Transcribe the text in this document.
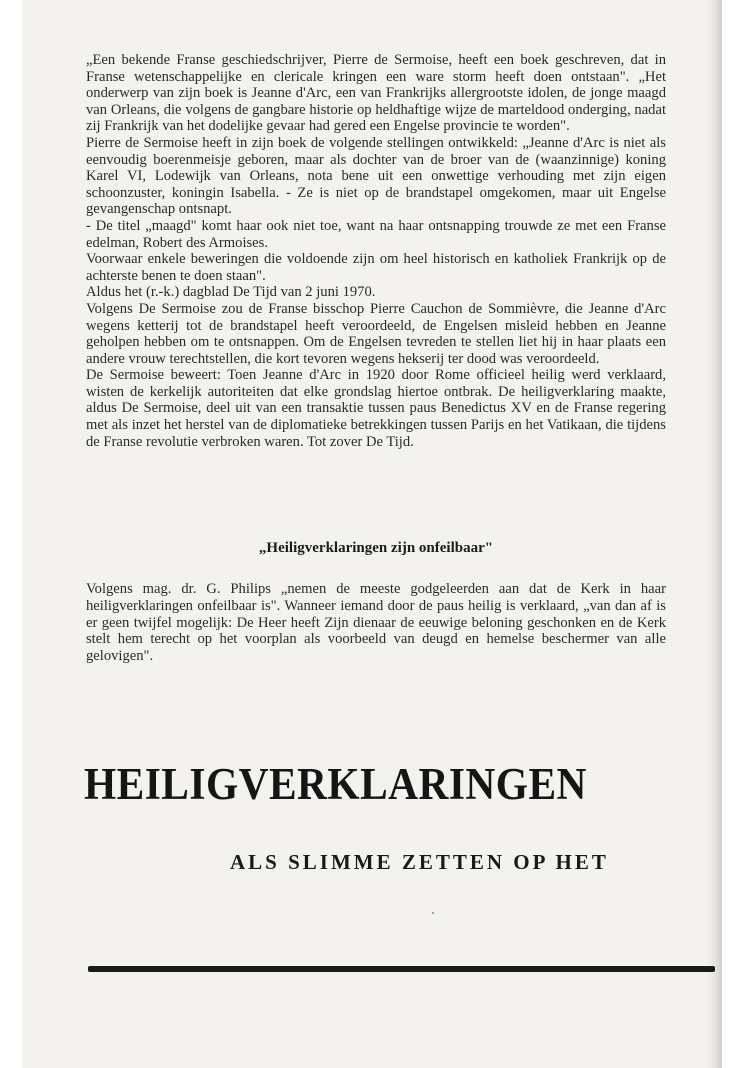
„Een bekende Franse geschiedschrijver, Pierre de Sermoise, heeft een boek geschreven, dat in Franse wetenschappelijke en clericale kringen een ware storm heeft doen ontstaan". „Het onderwerp van zijn boek is Jeanne d'Arc, een van Frankrijks allergrootste idolen, de jonge maagd van Orleans, die volgens de gangbare historie op heldhaftige wijze de marteldood onderging, nadat zij Frankrijk van het dodelijke gevaar had gered een Engelse provincie te worden".

Pierre de Sermoise heeft in zijn boek de volgende stellingen ontwikkeld: „Jeanne d'Arc is niet als eenvoudig boerenmeisje geboren, maar als dochter van de broer van de (waanzinnige) koning Karel VI, Lodewijk van Orleans, nota bene uit een onwettige verhouding met zijn eigen schoonzuster, koningin Isabella. - Ze is niet op de brandstapel omgekomen, maar uit Engelse gevangenschap ontsnapt.

- De titel „maagd" komt haar ook niet toe, want na haar ontsnapping trouwde ze met een Franse edelman, Robert des Armoises.

Voorwaar enkele beweringen die voldoende zijn om heel historisch en katholiek Frankrijk op de achterste benen te doen staan".

Aldus het (r.-k.) dagblad De Tijd van 2 juni 1970.

Volgens De Sermoise zou de Franse bisschop Pierre Cauchon de Sommièvre, die Jeanne d'Arc wegens ketterij tot de brandstapel heeft veroordeeld, de Engelsen misleid hebben en Jeanne geholpen hebben om te ontsnappen. Om de Engelsen tevreden te stellen liet hij in haar plaats een andere vrouw terechtstellen, die kort tevoren wegens hekserij ter dood was veroordeeld.

De Sermoise beweert: Toen Jeanne d'Arc in 1920 door Rome officieel heilig werd verklaard, wisten de kerkelijk autoriteiten dat elke grondslag hiertoe ontbrak. De heiligverklaring maakte, aldus De Sermoise, deel uit van een transaktie tussen paus Benedictus XV en de Franse regering met als inzet het herstel van de diplomatieke betrekkingen tussen Parijs en het Vatikaan, die tijdens de Franse revolutie verbroken waren. Tot zover De Tijd.

„Heiligverklaringen zijn onfeilbaar"

Volgens mag. dr. G. Philips „nemen de meeste godgeleerden aan dat de Kerk in haar heiligverklaringen onfeilbaar is". Wanneer iemand door de paus heilig is verklaard, „van dan af is er geen twijfel mogelijk: De Heer heeft Zijn dienaar de eeuwige beloning geschonken en de Kerk stelt hem terecht op het voorplan als voorbeeld van deugd en hemelse beschermer van alle gelovigen".

HEILIGVERKLARINGEN
ALS SLIMME ZETTEN OP HET
